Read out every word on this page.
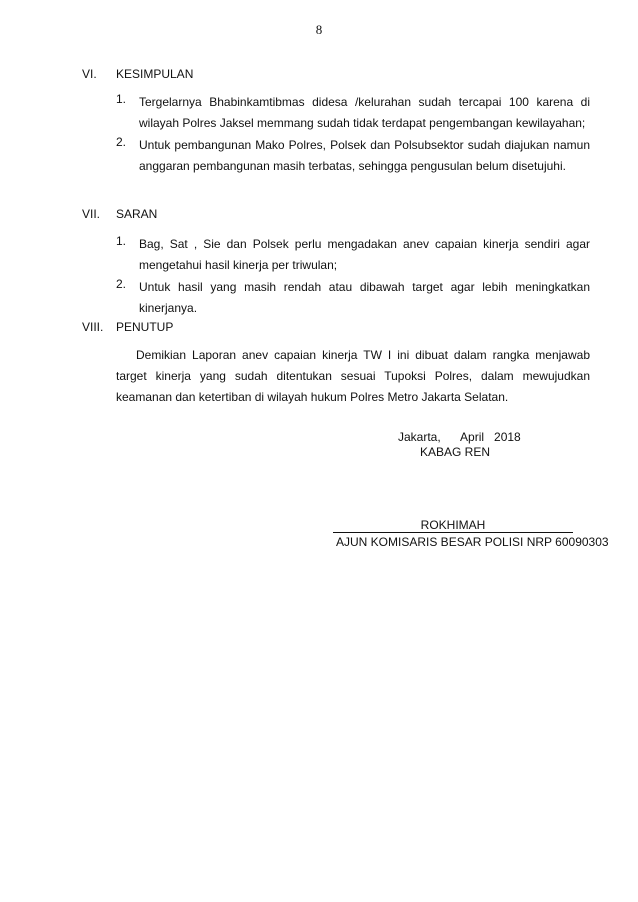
8
VI.	KESIMPULAN
1.	Tergelarnya Bhabinkamtibmas didesa /kelurahan sudah tercapai 100 karena di wilayah Polres Jaksel memmang sudah tidak terdapat pengembangan kewilayahan;
2.	Untuk pembangunan Mako Polres, Polsek dan Polsubsektor sudah diajukan namun anggaran pembangunan masih terbatas, sehingga pengusulan belum disetujuhi.
VII.	SARAN
1.	Bag, Sat , Sie dan Polsek perlu mengadakan anev capaian kinerja sendiri agar mengetahui hasil kinerja per triwulan;
2.	Untuk hasil yang masih rendah atau dibawah target agar lebih meningkatkan kinerjanya.
VIII.	PENUTUP
Demikian Laporan anev capaian kinerja TW I ini dibuat dalam rangka menjawab target kinerja yang sudah ditentukan sesuai Tupoksi Polres, dalam mewujudkan keamanan dan ketertiban di wilayah hukum Polres Metro Jakarta Selatan.
Jakarta,      April   2018
KABAG REN
ROKHIMAH
AJUN KOMISARIS BESAR POLISI NRP 60090303
